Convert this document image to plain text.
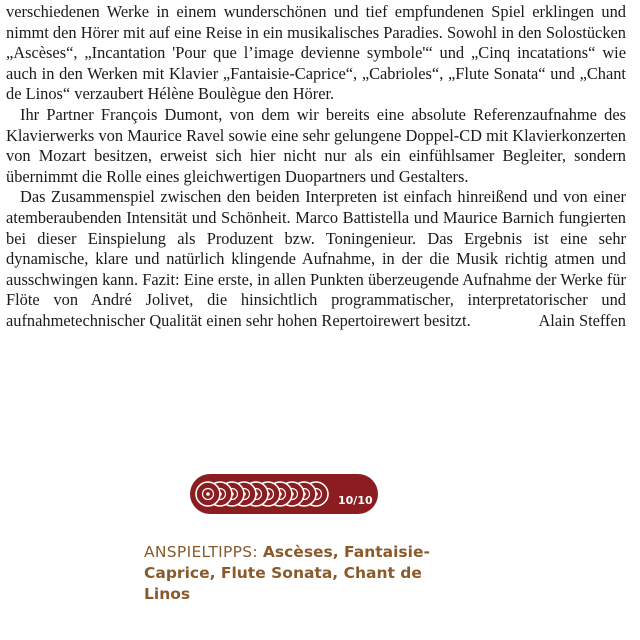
verschiedenen Werke in einem wunderschönen und tief empfundenen Spiel erklingen und nimmt den Hörer mit auf eine Reise in ein musikalisches Paradies. Sowohl in den Solostücken „Ascèses“, „Incantation 'Pour que l’image devienne symbole'“ und „Cinq incatations“ wie auch in den Werken mit Klavier „Fantaisie-Caprice“, „Cabrioles“, „Flute Sonata“ und „Chant de Linos“ verzaubert Hélène Boulègue den Hörer.

Ihr Partner François Dumont, von dem wir bereits eine absolute Referenzaufnahme des Klavierwerks von Maurice Ravel sowie eine sehr gelungene Doppel-CD mit Klavierkonzerten von Mozart besitzen, erweist sich hier nicht nur als ein einfühlsamer Begleiter, sondern übernimmt die Rolle eines gleichwertigen Duopartners und Gestalters.

Das Zusammenspiel zwischen den beiden Interpreten ist einfach hinreißend und von einer atemberaubenden Intensität und Schönheit. Marco Battistella und Maurice Barnich fungierten bei dieser Einspielung als Produzent bzw. Toningenieur. Das Ergebnis ist eine sehr dynamische, klare und natürlich klingende Aufnahme, in der die Musik richtig atmen und ausschwingen kann. Fazit: Eine erste, in allen Punkten überzeugende Aufnahme der Werke für Flöte von André Jolivet, die hinsichtlich programmatischer, interpretatorischer und aufnahmetechnischer Qualität einen sehr hohen Repertoirewert besitzt.	Alain Steffen
10/10
ANSPIELTIPPS: Ascèses, Fantaisie-Caprice, Flute Sonata, Chant de Linos
